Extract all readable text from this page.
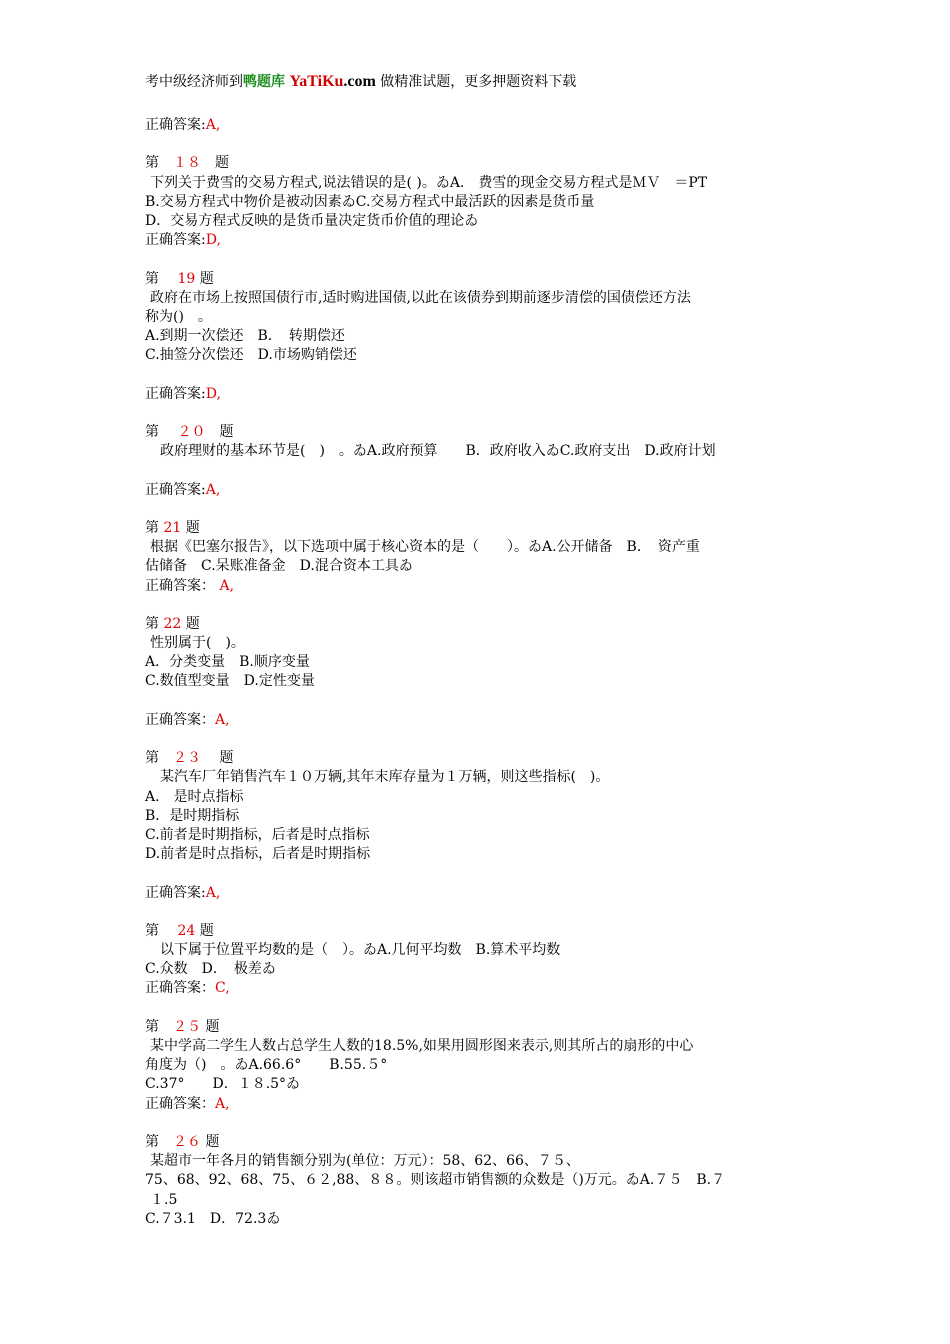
考中级经济师到鸭题库 YaTiKu.com 做精准试题，更多押题资料下载
正确答案:A,
第　 １８　 题
下列关于费雪的交易方程式,说法错误的是( )。ゐA.　费雪的现金交易方程式是ＭＶ　＝PT
B.交易方程式中物价是被动因素ゐC.交易方程式中最活跃的因素是货币量
D．交易方程式反映的是货币量决定货币价值的理论ゐ
正确答案:D,
第　 19 题
政府在市场上按照国债行市,适时购进国债,以此在该债券到期前逐步清偿的国债偿还方法
称为()　。
A.到期一次偿还　B．　转期偿还
C.抽签分次偿还　D.市场购销偿还
正确答案:D,
第　 ２０　 题
政府理财的基本环节是(　)　。ゐA.政府预算　　B．政府收入ゐC.政府支出　D.政府计划
正确答案:A,
第 21 题
根据《巴塞尔报告》，以下选项中属于核心资本的是（　　）。ゐA.公开储备　B．　资产重
估储备　C.呆账准备金　D.混合资本工具ゐ
正确答案： A,
第 22 题
性别属于(　)。
A．分类变量　B.顺序变量
C.数值型变量　D.定性变量
正确答案：A,
第　 ２３　 题
某汽车厂年销售汽车１０万辆,其年末库存量为１万辆，则这些指标(　)。
A.　是时点指标
B．是时期指标
C.前者是时期指标，后者是时点指标
D.前者是时点指标，后者是时期指标
正确答案:A,
第　 24 题
以下属于位置平均数的是（　）。ゐA.几何平均数　B.算术平均数
C.众数　D．　极差ゐ
正确答案：C,
第　 ２５ 题
某中学高二学生人数占总学生人数的18.5%,如果用圆形图来表示,则其所占的扇形的中心
角度为（)　。ゐA.66.6°　　B.55.５°
C.37°　　D．１８.5°ゐ
正确答案：A,
第　 ２６ 题
某超市一年各月的销售额分别为(单位：万元）：58、62、66、７５、
75、68、92、68、75、６２,88、８８。则该超市销售额的众数是（)万元。ゐA.７５　B.７
１.5
C.７3.1　D．72.3ゐ
